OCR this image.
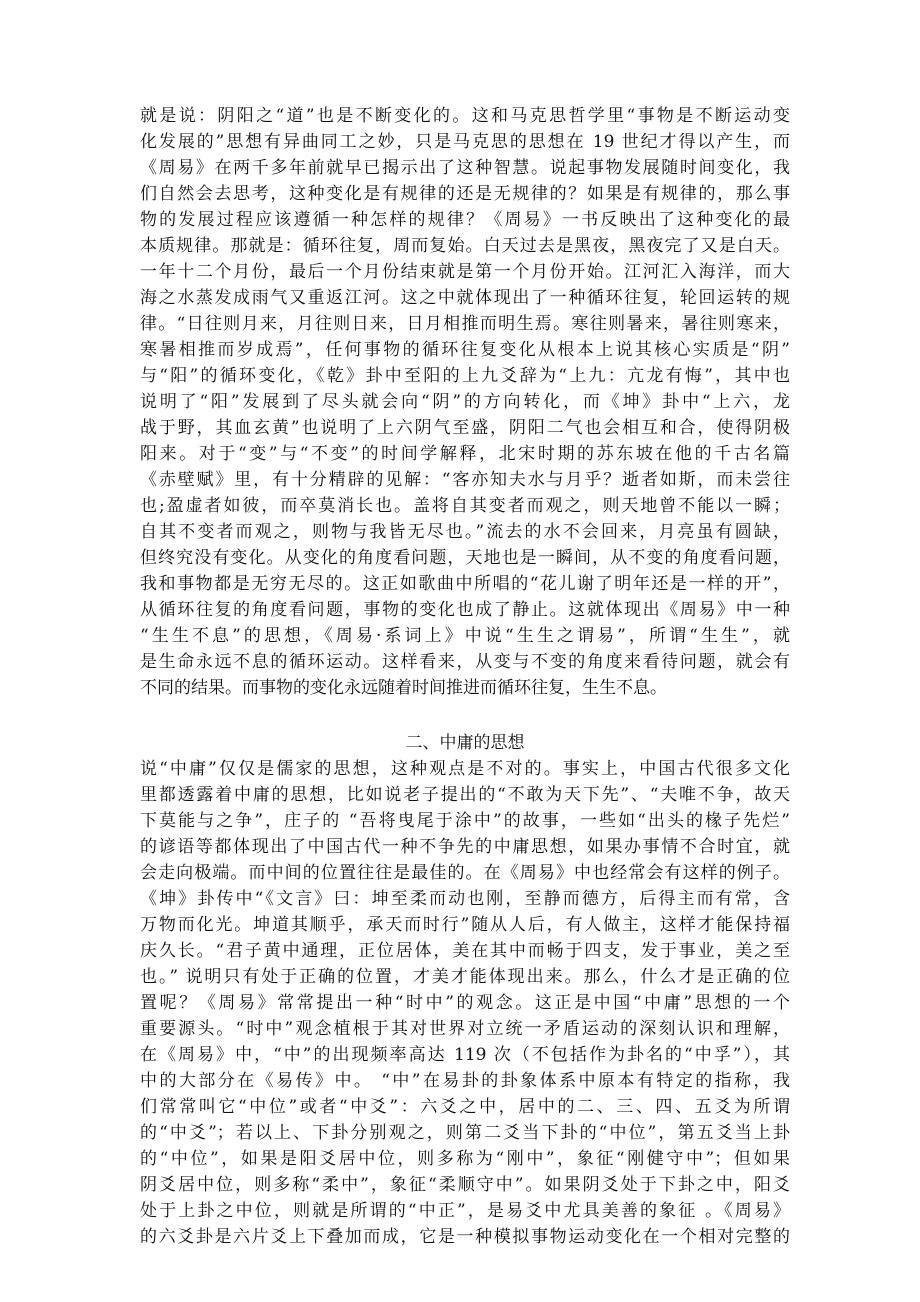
就是说：阴阳之“道”也是不断变化的。这和马克思哲学里“事物是不断运动变
化发展的”思想有异曲同工之妙，只是马克思的思想在 19 世纪才得以产生，而
《周易》在两千多年前就早已揭示出了这种智慧。说起事物发展随时间变化，我
们自然会去思考，这种变化是有规律的还是无规律的？如果是有规律的，那么事
物的发展过程应该遵循一种怎样的规律？《周易》一书反映出了这种变化的最
本质规律。那就是：循环往复，周而复始。白天过去是黑夜，黑夜完了又是白天。
一年十二个月份，最后一个月份结束就是第一个月份开始。江河汇入海洋，而大
海之水蒸发成雨气又重返江河。这之中就体现出了一种循环往复，轮回运转的规
律。“日往则月来，月往则日来，日月相推而明生焉。寒往则暑来，暑往则寒来，
寒暑相推而岁成焉”，任何事物的循环往复变化从根本上说其核心实质是“阴”
与“阳”的循环变化，《乾》卦中至阳的上九爻辞为“上九：亢龙有悔”，其中也
说明了“阳”发展到了尽头就会向“阴”的方向转化，而《坤》卦中“上六，龙
战于野，其血玄黄”也说明了上六阴气至盛，阴阳二气也会相互和合，使得阴极
阳来。对于“变”与“不变”的时间学解释，北宋时期的苏东坡在他的千古名篇
《赤壁赋》里，有十分精辟的见解：“客亦知夫水与月乎？逝者如斯，而未尝往
也;盈虚者如彼，而卒莫消长也。盖将自其变者而观之，则天地曾不能以一瞬；
自其不变者而观之，则物与我皆无尽也。”流去的水不会回来，月亮虽有圆缺，
但终究没有变化。从变化的角度看问题，天地也是一瞬间，从不变的角度看问题，
我和事物都是无穷无尽的。这正如歌曲中所唱的“花儿谢了明年还是一样的开”，
从循环往复的角度看问题，事物的变化也成了静止。这就体现出《周易》中一种
“生生不息”的思想，《周易·系词上》中说“生生之谓易”，所谓“生生”，就
是生命永远不息的循环运动。这样看来，从变与不变的角度来看待问题，就会有
不同的结果。而事物的变化永远随着时间推进而循环往复，生生不息。
二、中庸的思想
说“中庸”仅仅是儒家的思想，这种观点是不对的。事实上，中国古代很多文化
里都透露着中庸的思想，比如说老子提出的“不敢为天下先”、“夫唯不争，故天
下莫能与之争”，庄子的 “吾将曳尾于涂中”的故事，一些如“出头的椽子先烂”
的谚语等都体现出了中国古代一种不争先的中庸思想，如果办事情不合时宜，就
会走向极端。而中间的位置往往是最佳的。在《周易》中也经常会有这样的例子。
《坤》卦传中“《文言》曰：坤至柔而动也刚，至静而德方，后得主而有常，含
万物而化光。坤道其顺乎，承天而时行”随从人后，有人做主，这样才能保持福
庆久长。“君子黄中通理，正位居体，美在其中而畅于四支，发于事业，美之至
也。” 说明只有处于正确的位置，才美才能体现出来。那么，什么才是正确的位
置呢？《周易》常常提出一种“时中”的观念。这正是中国“中庸”思想的一个
重要源头。“时中”观念植根于其对世界对立统一矛盾运动的深刻认识和理解，
在《周易》中，“中”的出现频率高达 119 次（不包括作为卦名的“中孚”），其
中的大部分在《易传》中。 “中”在易卦的卦象体系中原本有特定的指称，我
们常常叫它“中位”或者“中爻”：六爻之中，居中的二、三、四、五爻为所谓
的“中爻”；若以上、下卦分别观之，则第二爻当下卦的“中位”，第五爻当上卦
的“中位”，如果是阳爻居中位，则多称为“刚中”，象征“刚健守中”；但如果
阴爻居中位，则多称“柔中”，象征“柔顺守中”。如果阴爻处于下卦之中，阳爻
处于上卦之中位，则就是所谓的“中正”，是易爻中尤具美善的象征 。《周易》
的六爻卦是六片爻上下叠加而成，它是一种模拟事物运动变化在一个相对完整的
